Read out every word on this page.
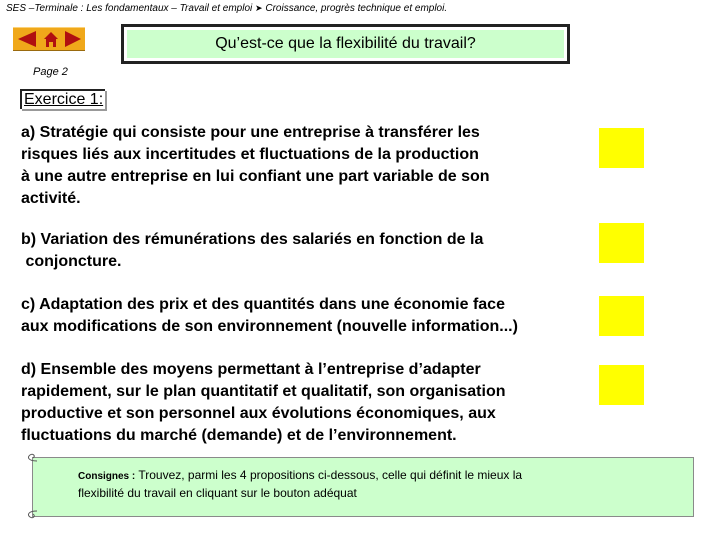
SES –Terminale : Les fondamentaux – Travail et emploi ➤ Croissance, progrès technique et emploi.
Qu’est-ce que la flexibilité du travail?
Page 2
Exercice 1:
a) Stratégie qui consiste pour une entreprise à transférer les
risques liés aux incertitudes et fluctuations de la production
à une autre entreprise en lui confiant une part variable de son
activité.
b) Variation des rémunérations des salariés en fonction de la
conjoncture.
c) Adaptation des prix et des quantités dans une économie face
aux modifications de son environnement (nouvelle information...)
d) Ensemble des moyens permettant à l’entreprise d’adapter
rapidement, sur le plan quantitatif et qualitatif, son organisation
productive et son personnel aux évolutions économiques, aux
fluctuations du marché (demande) et de l’environnement.
Consignes : Trouvez, parmi les 4 propositions ci-dessous, celle qui définit le mieux la
flexibilité du travail en cliquant sur le bouton adéquat
